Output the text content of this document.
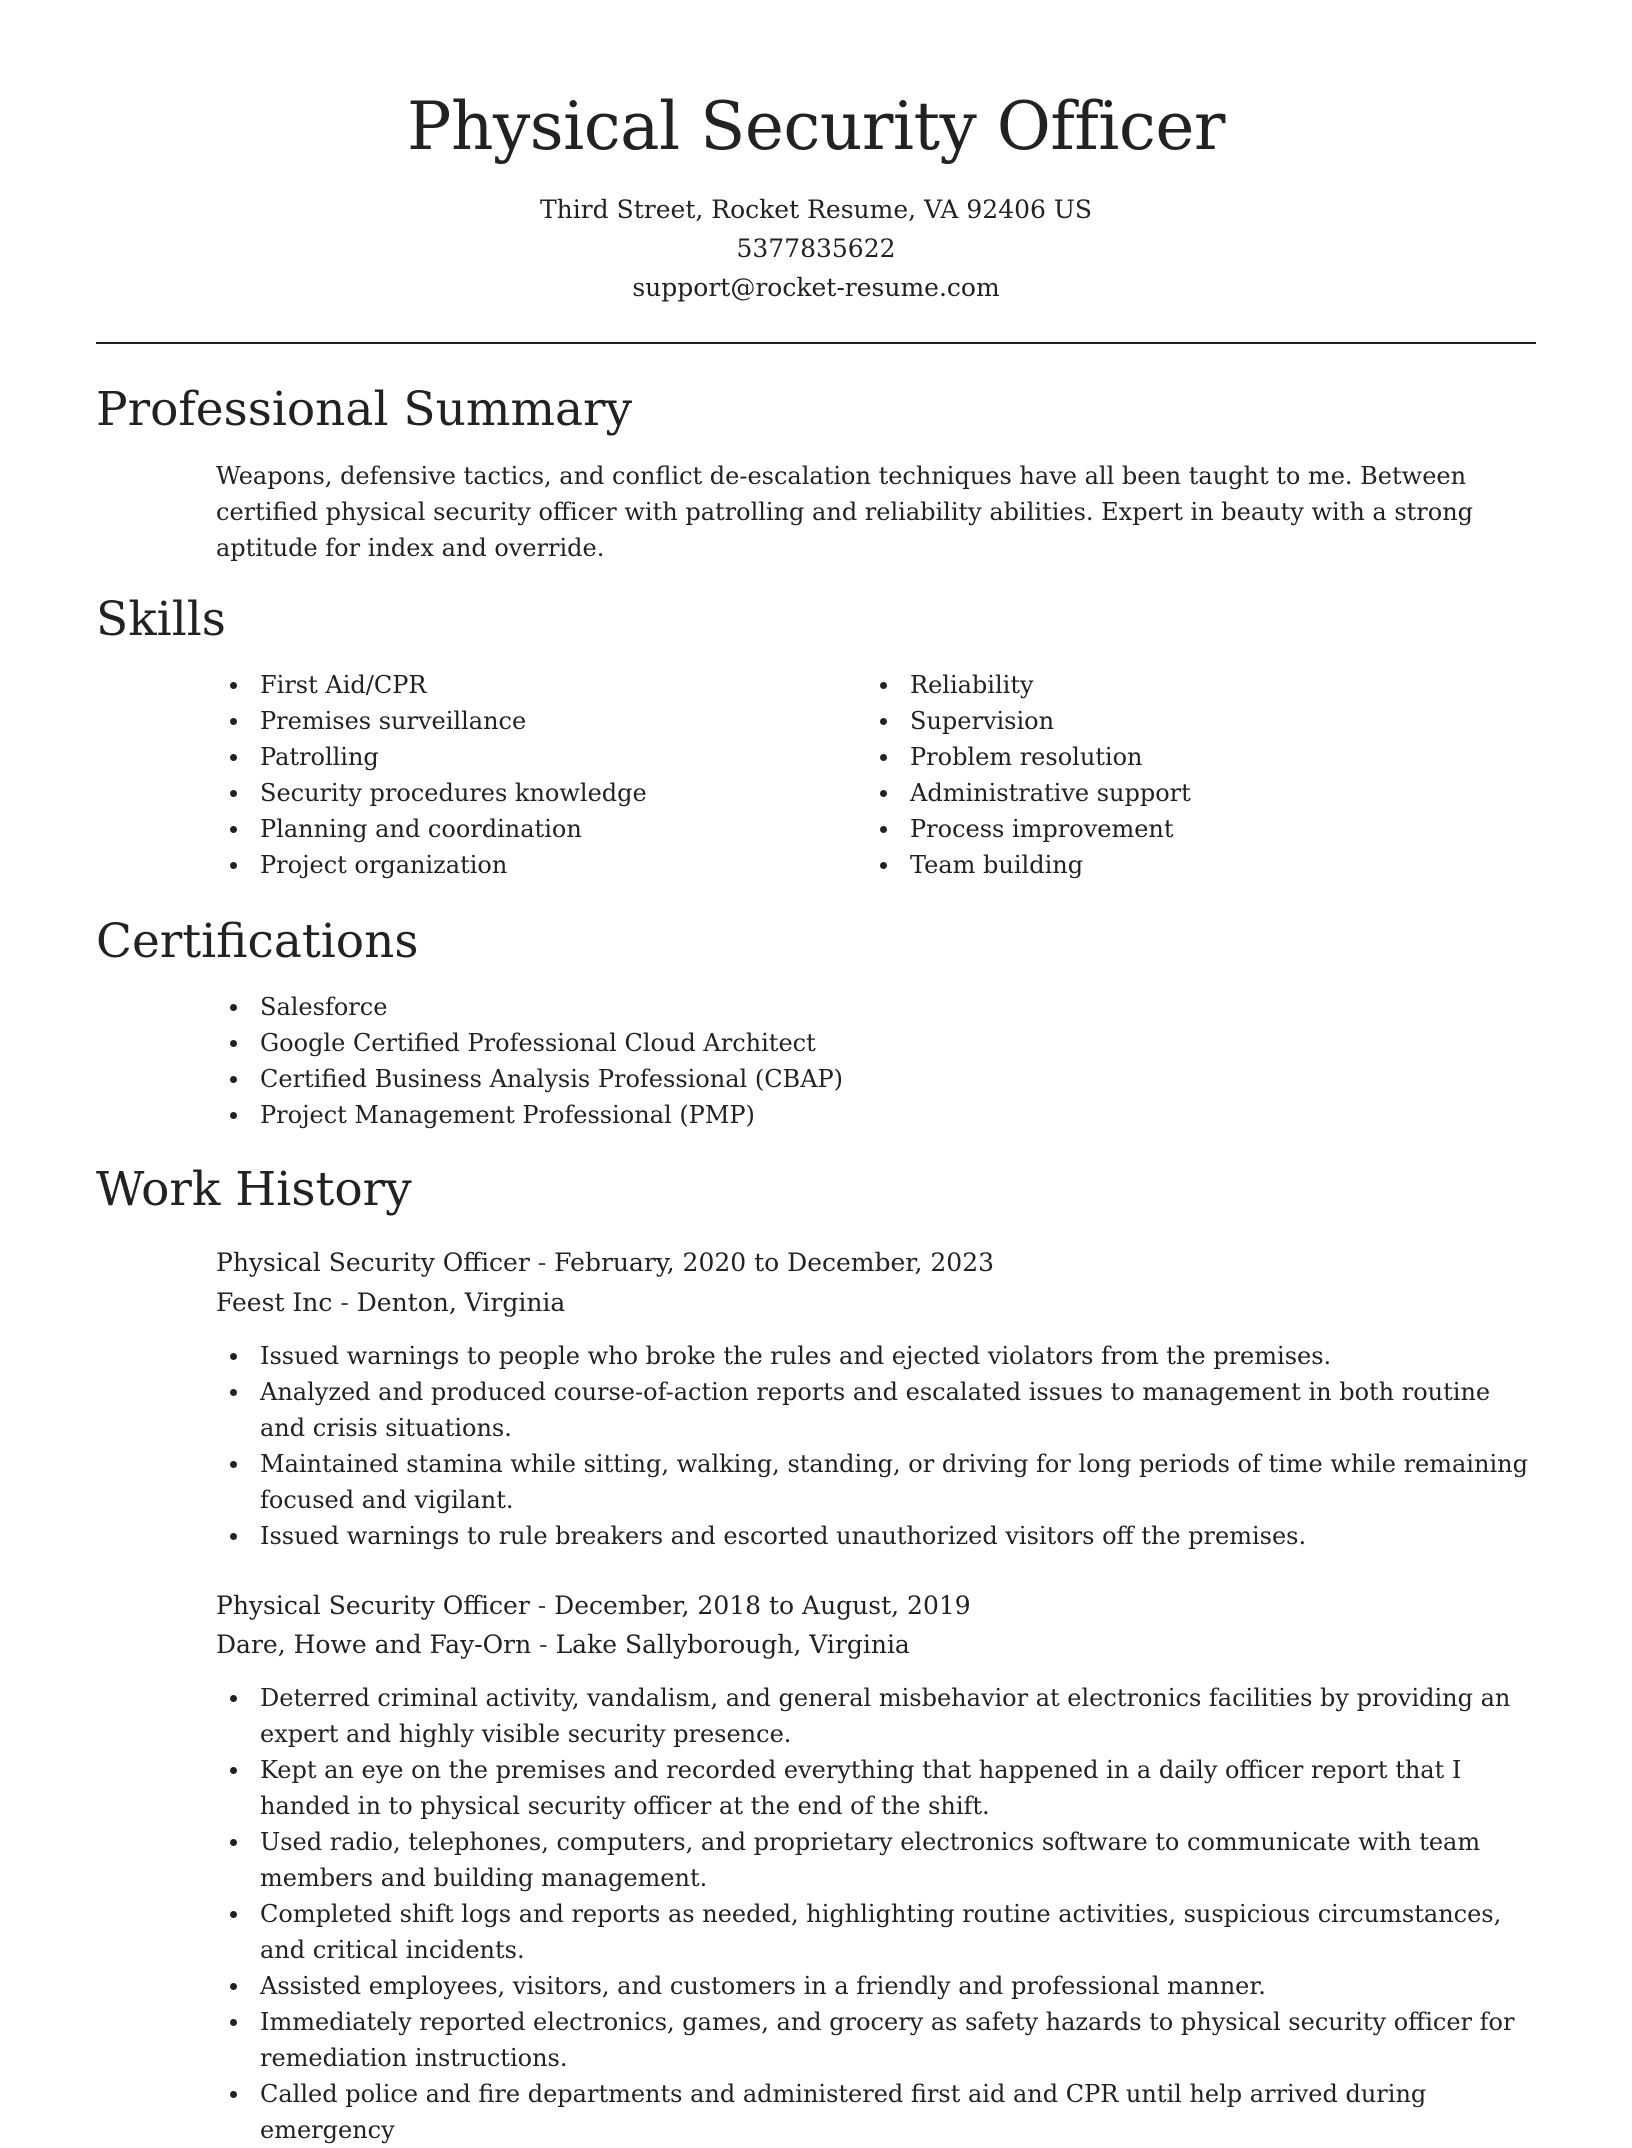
Physical Security Officer
Third Street, Rocket Resume, VA 92406 US
5377835622
support@rocket-resume.com
Professional Summary

Weapons, defensive tactics, and conflict de-escalation techniques have all been taught to me. Between certified physical security officer with patrolling and reliability abilities. Expert in beauty with a strong aptitude for index and override.

Skills
First Aid/CPR
Premises surveillance
Patrolling
Security procedures knowledge
Planning and coordination
Project organization
Reliability
Supervision
Problem resolution
Administrative support
Process improvement
Team building
Certifications
Salesforce
Google Certified Professional Cloud Architect
Certified Business Analysis Professional (CBAP)
Project Management Professional (PMP)
Work History
Physical Security Officer - February, 2020 to December, 2023
Feest Inc - Denton, Virginia
Issued warnings to people who broke the rules and ejected violators from the premises.
Analyzed and produced course-of-action reports and escalated issues to management in both routine and crisis situations.
Maintained stamina while sitting, walking, standing, or driving for long periods of time while remaining focused and vigilant.
Issued warnings to rule breakers and escorted unauthorized visitors off the premises.
Physical Security Officer - December, 2018 to August, 2019
Dare, Howe and Fay-Orn - Lake Sallyborough, Virginia
Deterred criminal activity, vandalism, and general misbehavior at electronics facilities by providing an expert and highly visible security presence.
Kept an eye on the premises and recorded everything that happened in a daily officer report that I handed in to physical security officer at the end of the shift.
Used radio, telephones, computers, and proprietary electronics software to communicate with team members and building management.
Completed shift logs and reports as needed, highlighting routine activities, suspicious circumstances, and critical incidents.
Assisted employees, visitors, and customers in a friendly and professional manner.
Immediately reported electronics, games, and grocery as safety hazards to physical security officer for remediation instructions.
Called police and fire departments and administered first aid and CPR until help arrived during emergency
